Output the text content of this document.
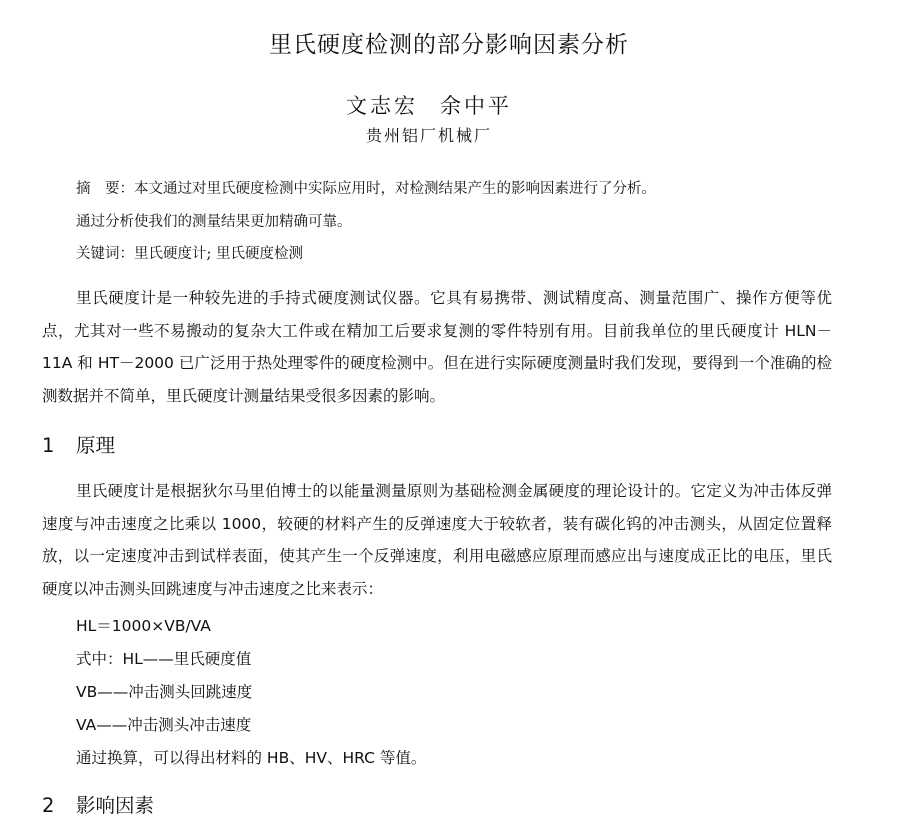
里氏硬度检测的部分影响因素分析
文志宏 余中平
贵州铝厂机械厂
摘　要：本文通过对里氏硬度检测中实际应用时，对检测结果产生的影响因素进行了分析。
通过分析使我们的测量结果更加精确可靠。
关键词：里氏硬度计; 里氏硬度检测
里氏硬度计是一种较先进的手持式硬度测试仪器。它具有易携带、测试精度高、测量范围广、操作方便等优点，尤其对一些不易搬动的复杂大工件或在精加工后要求复测的零件特别有用。目前我单位的里氏硬度计 HLN－11A 和 HT－2000 已广泛用于热处理零件的硬度检测中。但在进行实际硬度测量时我们发现，要得到一个准确的检测数据并不简单，里氏硬度计测量结果受很多因素的影响。
1 原理
里氏硬度计是根据狄尔马里伯博士的以能量测量原则为基础检测金属硬度的理论设计的。它定义为冲击体反弹速度与冲击速度之比乘以 1000，较硬的材料产生的反弹速度大于较软者，装有碳化钨的冲击测头，从固定位置释放，以一定速度冲击到试样表面，使其产生一个反弹速度，利用电磁感应原理而感应出与速度成正比的电压，里氏硬度以冲击测头回跳速度与冲击速度之比来表示：
HL＝1000×VB/VA
式中：HL——里氏硬度值
VB——冲击测头回跳速度
VA——冲击测头冲击速度
通过换算，可以得出材料的 HB、HV、HRC 等值。
2 影响因素
